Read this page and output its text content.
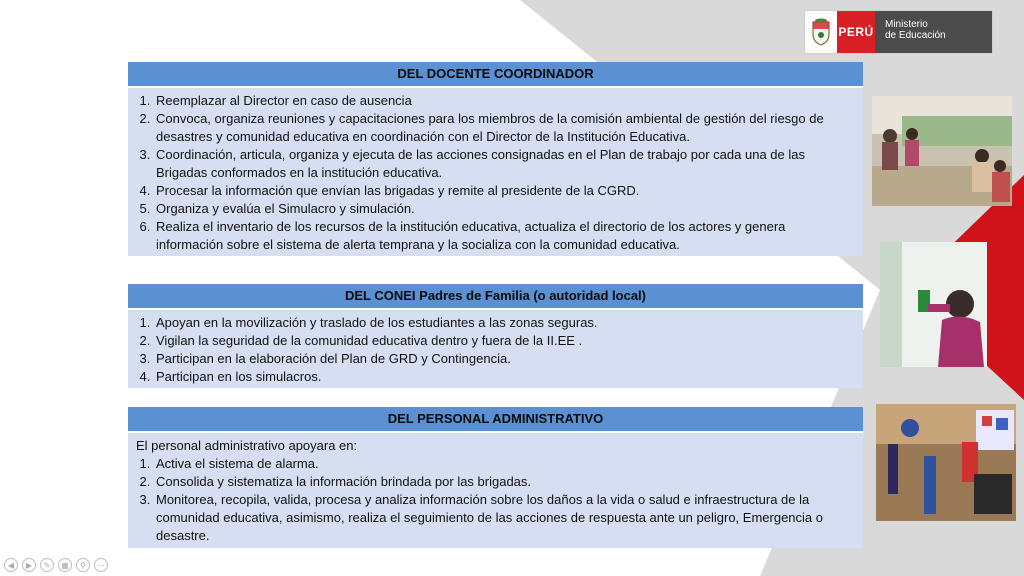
PERÚ
Ministerio
de Educación
DEL DOCENTE COORDINADOR
1. Reemplazar al Director en caso de ausencia
2. Convoca, organiza reuniones y capacitaciones para los miembros de la comisión ambiental de gestión del riesgo de desastres y comunidad educativa en coordinación con el Director de la Institución Educativa.
3. Coordinación, articula, organiza y ejecuta de las acciones consignadas en el Plan de trabajo por cada una de las Brigadas conformados en la institución educativa.
4. Procesar la información que envían las brigadas y remite al presidente de la CGRD.
5. Organiza y evalúa el Simulacro y simulación.
6. Realiza el inventario de los recursos de la institución educativa, actualiza el directorio de los actores y genera información sobre el sistema de alerta temprana y la socializa con la comunidad educativa.
DEL CONEI Padres de Familia (o autoridad local)
1. Apoyan en la movilización y traslado de los estudiantes a las zonas seguras.
2. Vigilan la seguridad de la comunidad educativa dentro y fuera de la II.EE .
3. Participan en la elaboración del Plan de GRD y Contingencia.
4. Participan en los simulacros.
DEL PERSONAL ADMINISTRATIVO

El personal administrativo apoyara en:

1. Activa el sistema de alarma.
2. Consolida y sistematiza la información brindada por las brigadas.
3. Monitorea, recopila, valida, procesa y analiza información sobre los daños a la vida o salud e infraestructura de la comunidad educativa, asimismo, realiza el seguimiento de las acciones de respuesta ante un peligro, Emergencia o desastre.
◀	▶	✎	▦	⚲	⋯
